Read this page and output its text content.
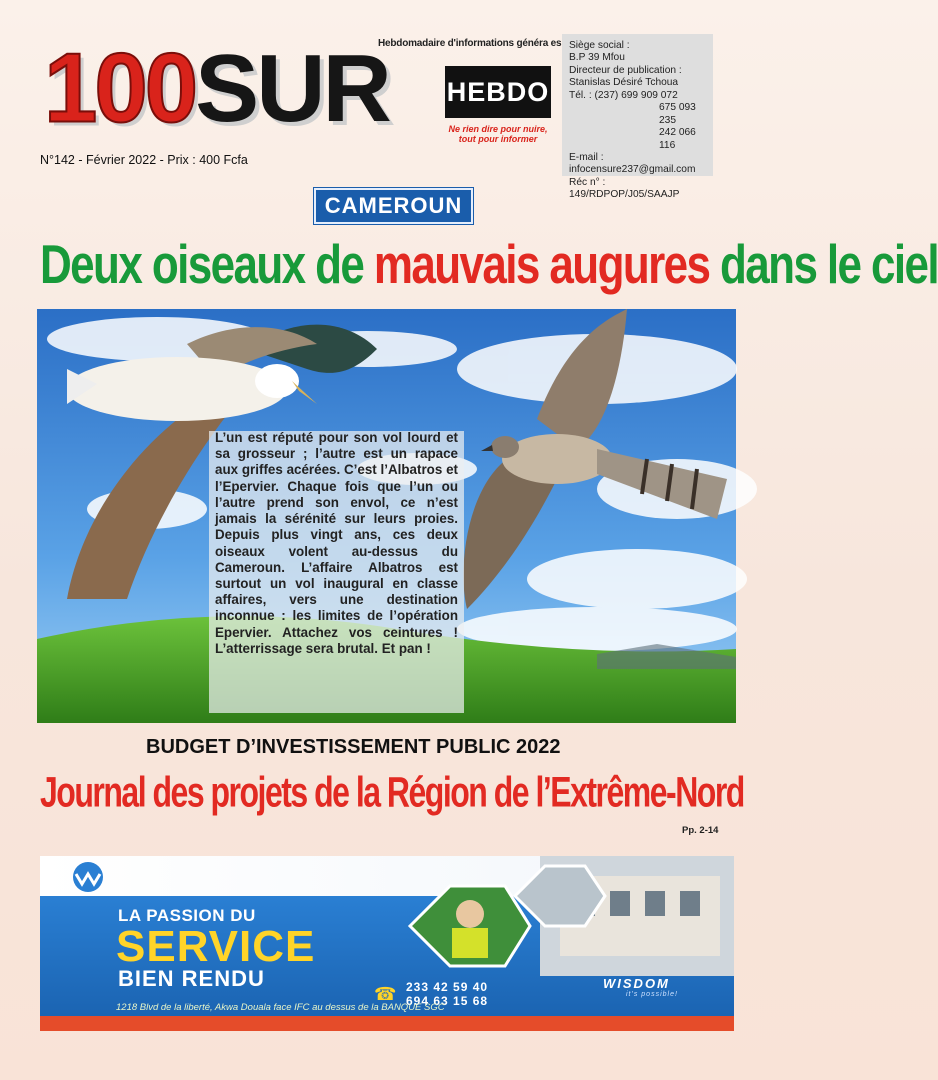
Hebdomadaire d'informations généra es
100 SUR HEBDO
Ne rien dire pour nuire,
tout pour informer
N°142 - Février 2022 - Prix : 400 Fcfa
Siège social :
B.P 39 Mfou
Directeur de publication :
Stanislas Désiré Tchoua
Tél. : (237) 699 909 072
675 093 235
242 066 116
E-mail :
infocensure237@gmail.com
Réc n° :
149/RDPOP/J05/SAAJP
CAMEROUN
Deux oiseaux de mauvais augures dans le ciel

L’un est réputé pour son vol lourd et sa grosseur ; l’autre est un rapace aux griffes acérées. C’est l’Albatros et l’Epervier. Chaque fois que l’un ou l’autre prend son envol, ce n’est jamais la sérénité sur leurs proies. Depuis plus vingt ans, ces deux oiseaux volent au-dessus du Cameroun. L’affaire Albatros est surtout un vol inaugural en classe affaires, vers une destination inconnue : les limites de l’opération Epervier. Attachez vos ceintures ! L’atterrissage sera brutal. Et pan !

BUDGET D’INVESTISSEMENT PUBLIC 2022
Journal des projets de la Région de l’Extrême-Nord
Pp. 2-14
LA PASSION DU
SERVICE
BIEN RENDU
☎ 233 42 59 40
694 63 15 68
WISDOM
it's possible!
1218 Blvd de la liberté, Akwa Douala face IFC au dessus de la BANQUE SGC
